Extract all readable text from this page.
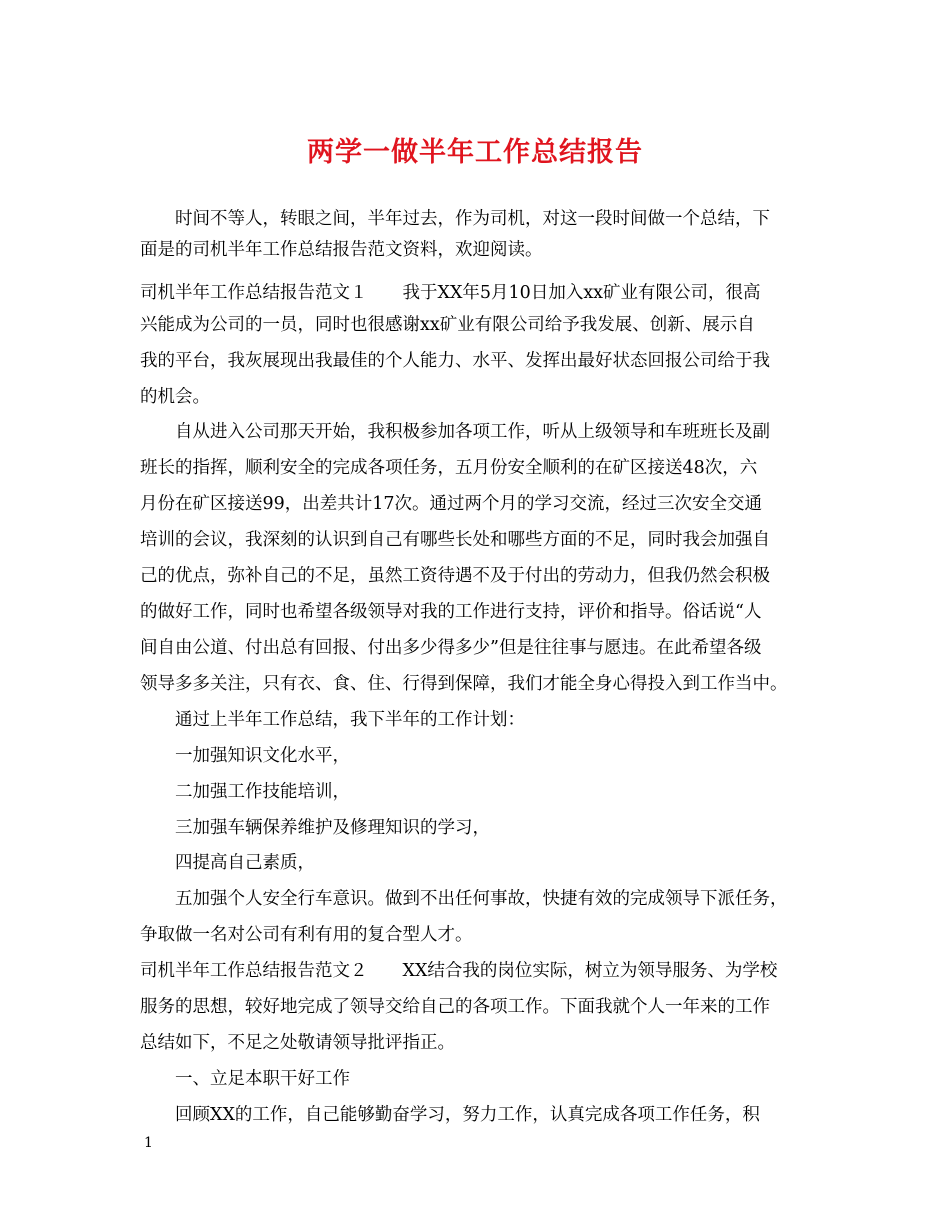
两学一做半年工作总结报告
　　时间不等人，转眼之间，半年过去，作为司机，对这一段时间做一个总结，下
面是的司机半年工作总结报告范文资料，欢迎阅读。
司机半年工作总结报告范文１　　我于XX年5月10日加入xx矿业有限公司，很高
兴能成为公司的一员，同时也很感谢xx矿业有限公司给予我发展、创新、展示自
我的平台，我灰展现出我最佳的个人能力、水平、发挥出最好状态回报公司给于我
的机会。
　　自从进入公司那天开始，我积极参加各项工作，听从上级领导和车班班长及副
班长的指挥，顺利安全的完成各项任务，五月份安全顺利的在矿区接送48次，六
月份在矿区接送99，出差共计17次。通过两个月的学习交流，经过三次安全交通
培训的会议，我深刻的认识到自己有哪些长处和哪些方面的不足，同时我会加强自
己的优点，弥补自己的不足，虽然工资待遇不及于付出的劳动力，但我仍然会积极
的做好工作，同时也希望各级领导对我的工作进行支持，评价和指导。俗话说“人
间自由公道、付出总有回报、付出多少得多少”但是往往事与愿违。在此希望各级
领导多多关注，只有衣、食、住、行得到保障，我们才能全身心得投入到工作当中。
　　通过上半年工作总结，我下半年的工作计划：
　　一加强知识文化水平，
　　二加强工作技能培训，
　　三加强车辆保养维护及修理知识的学习，
　　四提高自己素质，
　　五加强个人安全行车意识。做到不出任何事故，快捷有效的完成领导下派任务，
争取做一名对公司有利有用的复合型人才。
司机半年工作总结报告范文２　　XX结合我的岗位实际，树立为领导服务、为学校
服务的思想，较好地完成了领导交给自己的各项工作。下面我就个人一年来的工作
总结如下，不足之处敬请领导批评指正。
　　一、立足本职干好工作
　　回顾XX的工作，自己能够勤奋学习，努力工作，认真完成各项工作任务，积
1
